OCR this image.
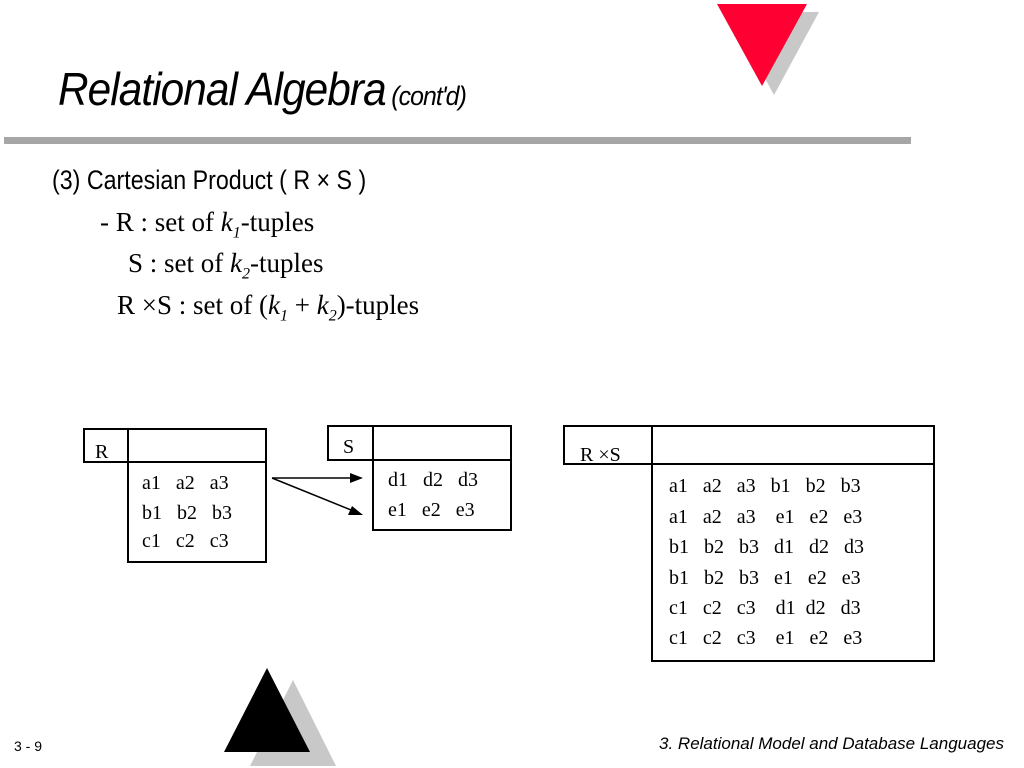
Relational Algebra (cont'd)
(3) Cartesian Product ( R × S )
- R : set of $k_1$-tuples
S : set of $k_2$-tuples
R ×S : set of ($k_1$ + $k_2$)-tuples
R
a1   a2   a3
b1   b2   b3
c1   c2   c3
S
d1   d2   d3
e1   e2   e3
R ×S
a1   a2   a3   b1   b2   b3
a1   a2   a3    e1   e2   e3
b1   b2   b3   d1   d2   d3
b1   b2   b3   e1   e2   e3
c1   c2   c3    d1  d2   d3
c1   c2   c3    e1   e2   e3
3 - 9	3. Relational Model and Database Languages
